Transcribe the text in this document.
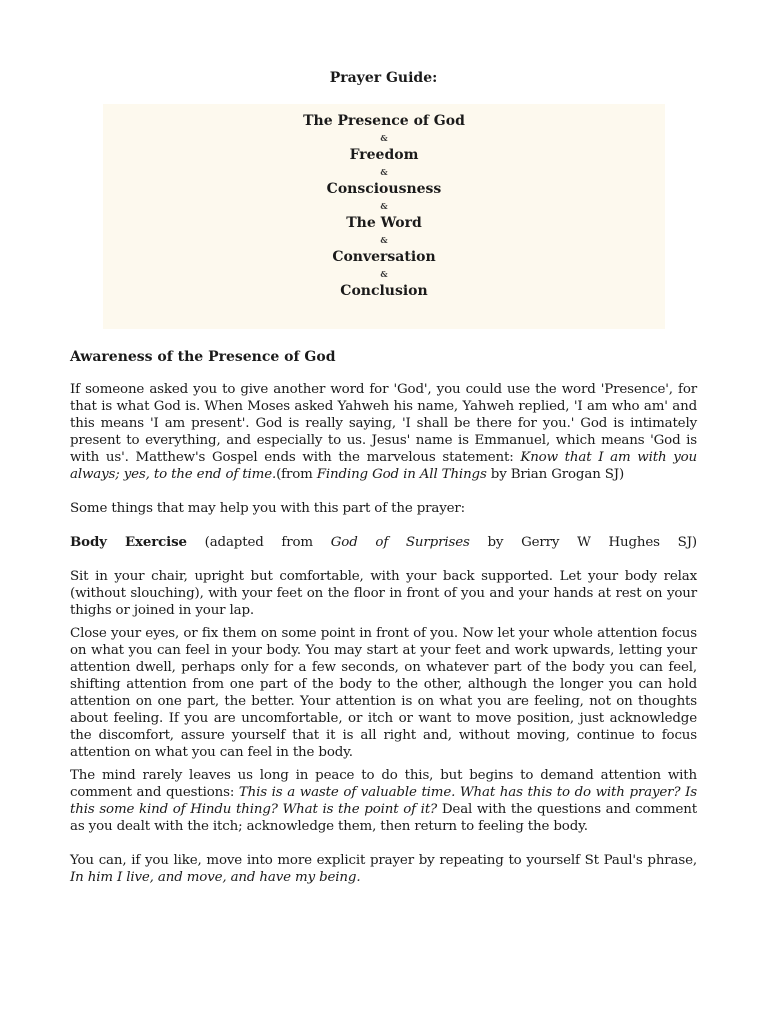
Prayer Guide:
The Presence of God
&
Freedom
&
Consciousness
&
The Word
&
Conversation
&
Conclusion
Awareness of the Presence of God

If someone asked you to give another word for 'God', you could use the word 'Presence', for that is what God is. When Moses asked Yahweh his name, Yahweh replied, 'I am who am' and this means 'I am present'. God is really saying, 'I shall be there for you.' God is intimately present to everything, and especially to us. Jesus' name is Emmanuel, which means 'God is with us'. Matthew's Gospel ends with the marvelous statement: Know that I am with you always; yes, to the end of time.(from Finding God in All Things by Brian Grogan SJ)

Some things that may help you with this part of the prayer:

Body Exercise (adapted from God of Surprises by Gerry W Hughes SJ)

Sit in your chair, upright but comfortable, with your back supported. Let your body relax (without slouching), with your feet on the floor in front of you and your hands at rest on your thighs or joined in your lap.

Close your eyes, or fix them on some point in front of you. Now let your whole attention focus on what you can feel in your body. You may start at your feet and work upwards, letting your attention dwell, perhaps only for a few seconds, on whatever part of the body you can feel, shifting attention from one part of the body to the other, although the longer you can hold attention on one part, the better. Your attention is on what you are feeling, not on thoughts about feeling. If you are uncomfortable, or itch or want to move position, just acknowledge the discomfort, assure yourself that it is all right and, without moving, continue to focus attention on what you can feel in the body.

The mind rarely leaves us long in peace to do this, but begins to demand attention with comment and questions: This is a waste of valuable time. What has this to do with prayer? Is this some kind of Hindu thing? What is the point of it? Deal with the questions and comment as you dealt with the itch; acknowledge them, then return to feeling the body.

You can, if you like, move into more explicit prayer by repeating to yourself St Paul's phrase, In him I live, and move, and have my being.
